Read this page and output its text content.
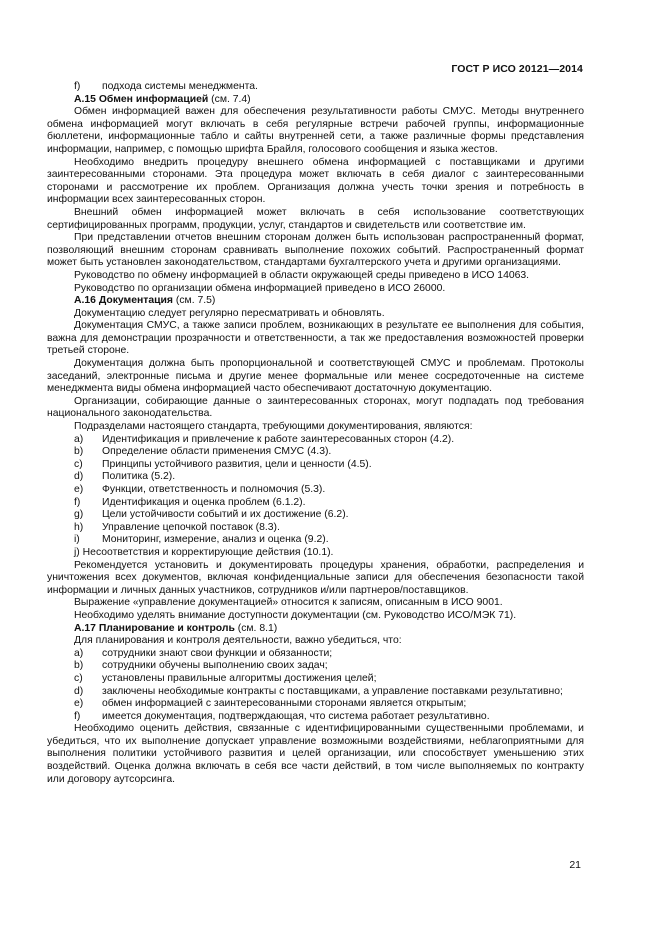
ГОСТ Р ИСО 20121—2014
f)	подхода системы менеджмента.

А.15 Обмен информацией (см. 7.4)

Обмен информацией важен для обеспечения результативности работы СМУС. Методы внутреннего обмена информацией могут включать в себя регулярные встречи рабочей группы, информационные бюллетени, информационные табло и сайты внутренней сети, а также различные формы представления информации, например, с помощью шрифта Брайля, голосового сообщения и языка жестов.

Необходимо внедрить процедуру внешнего обмена информацией с поставщиками и другими заинтересованными сторонами. Эта процедура может включать в себя диалог с заинтересованными сторонами и рассмотрение их проблем. Организация должна учесть точки зрения и потребность в информации всех заинтересованных сторон.

Внешний обмен информацией может включать в себя использование соответствующих сертифицированных программ, продукции, услуг, стандартов и свидетельств или соответствие им.

При представлении отчетов внешним сторонам должен быть использован распространенный формат, позволяющий внешним сторонам сравнивать выполнение похожих событий. Распространенный формат может быть установлен законодательством, стандартами бухгалтерского учета и другими организациями.

Руководство по обмену информацией в области окружающей среды приведено в ИСО 14063.

Руководство по организации обмена информацией приведено в ИСО 26000.

А.16 Документация (см. 7.5)

Документацию следует регулярно пересматривать и обновлять.

Документация СМУС, а также записи проблем, возникающих в результате ее выполнения для события, важна для демонстрации прозрачности и ответственности, а так же предоставления возможностей проверки третьей стороне.

Документация должна быть пропорциональной и соответствующей СМУС и проблемам. Протоколы заседаний, электронные письма и другие менее формальные или менее сосредоточенные на системе менеджмента виды обмена информацией часто обеспечивают достаточную документацию.

Организации, собирающие данные о заинтересованных сторонах, могут подпадать под требования национального законодательства.

Подразделами настоящего стандарта, требующими документирования, являются:

a)	Идентификация и привлечение к работе заинтересованных сторон (4.2).
b)	Определение области применения СМУС (4.3).
c)	Принципы устойчивого развития, цели и ценности (4.5).
d)	Политика (5.2).
e)	Функции, ответственность и полномочия (5.3).
f)	Идентификация и оценка проблем (6.1.2).
g)	Цели устойчивости событий и их достижение (6.2).
h)	Управление цепочкой поставок (8.3).
i)	Мониторинг, измерение, анализ и оценка (9.2).

j) Несоответствия и корректирующие действия (10.1).

Рекомендуется установить и документировать процедуры хранения, обработки, распределения и уничтожения всех документов, включая конфиденциальные записи для обеспечения безопасности такой информации и личных данных участников, сотрудников и/или партнеров/поставщиков.

Выражение «управление документацией» относится к записям, описанным в ИСО 9001.

Необходимо уделять внимание доступности документации (см. Руководство ИСО/МЭК 71).

А.17 Планирование и контроль (см. 8.1)

Для планирования и контроля деятельности, важно убедиться, что:

a)	сотрудники знают свои функции и обязанности;
b)	сотрудники обучены выполнению своих задач;
c)	установлены правильные алгоритмы достижения целей;
d) заключены необходимые контракты с поставщиками, а управление поставками результативно;
e)	обмен информацией с заинтересованными сторонами является открытым;
f)	имеется документация, подтверждающая, что система работает результативно.

Необходимо оценить действия, связанные с идентифицированными существенными проблемами, и убедиться, что их выполнение допускает управление возможными воздействиями, неблагоприятными для выполнения политики устойчивого развития и целей организации, или способствует уменьшению этих воздействий. Оценка должна включать в себя все части действий, в том числе выполняемых по контракту или договору аутсорсинга.

21
